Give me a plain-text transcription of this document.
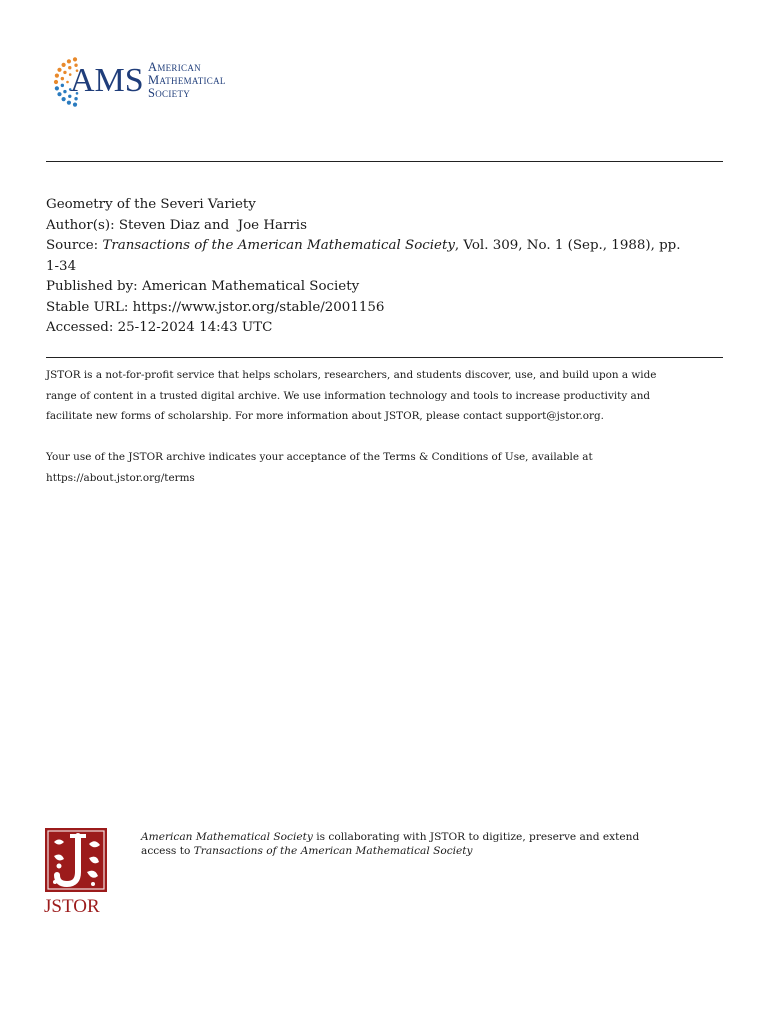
AMS American
Mathematical
Society
Geometry of the Severi Variety
Author(s): Steven Diaz and  Joe Harris
Source: Transactions of the American Mathematical Society, Vol. 309, No. 1 (Sep., 1988), pp.
1-34
Published by: American Mathematical Society
Stable URL: https://www.jstor.org/stable/2001156
Accessed: 25-12-2024 14:43 UTC
JSTOR is a not-for-profit service that helps scholars, researchers, and students discover, use, and build upon a wide
range of content in a trusted digital archive. We use information technology and tools to increase productivity and
facilitate new forms of scholarship. For more information about JSTOR, please contact support@jstor.org.
Your use of the JSTOR archive indicates your acceptance of the Terms & Conditions of Use, available at
https://about.jstor.org/terms
JSTOR
American Mathematical Society is collaborating with JSTOR to digitize, preserve and extend
access to Transactions of the American Mathematical Society
